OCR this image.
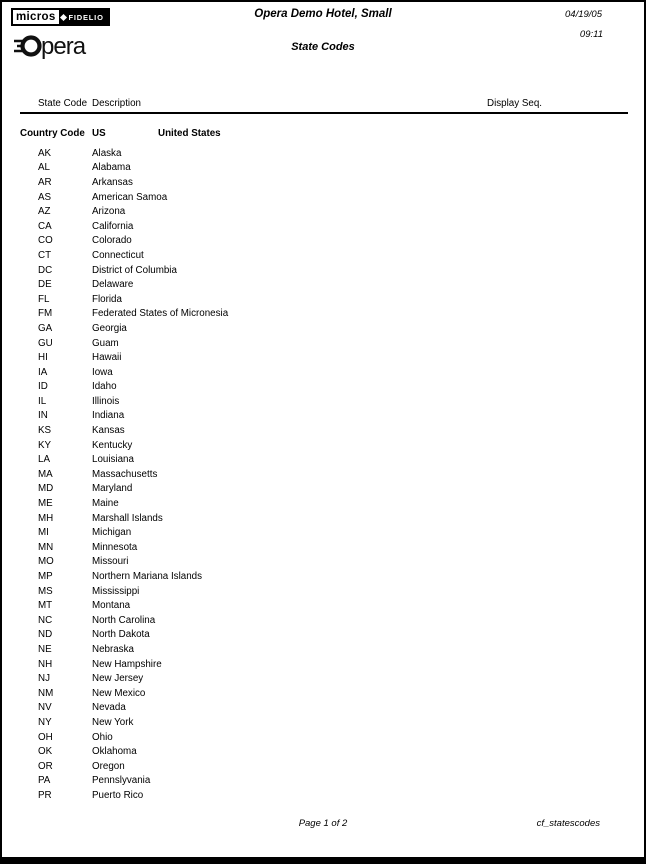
micros	FIDELIO
pera
Opera Demo Hotel, Small	04/19/05
09:11
State Codes
State Code Description	Display Seq.
Country Code US	United States
AK	Alaska
AL	Alabama
AR	Arkansas
AS	American Samoa
AZ	Arizona
CA	California
CO	Colorado
CT	Connecticut
DC	District of Columbia
DE	Delaware
FL	Florida
FM	Federated States of Micronesia
GA	Georgia
GU	Guam
HI	Hawaii
IA	Iowa
ID	Idaho
IL	Illinois
IN	Indiana
KS	Kansas
KY	Kentucky
LA	Louisiana
MA	Massachusetts
MD	Maryland
ME	Maine
MH	Marshall Islands
MI	Michigan
MN	Minnesota
MO	Missouri
MP	Northern Mariana Islands
MS	Mississippi
MT	Montana
NC	North Carolina
ND	North Dakota
NE	Nebraska
NH	New Hampshire
NJ	New Jersey
NM	New Mexico
NV	Nevada
NY	New York
OH	Ohio
OK	Oklahoma
OR	Oregon
PA	Pennslyvania
PR	Puerto Rico
Page 1 of 2	cf_statescodes
